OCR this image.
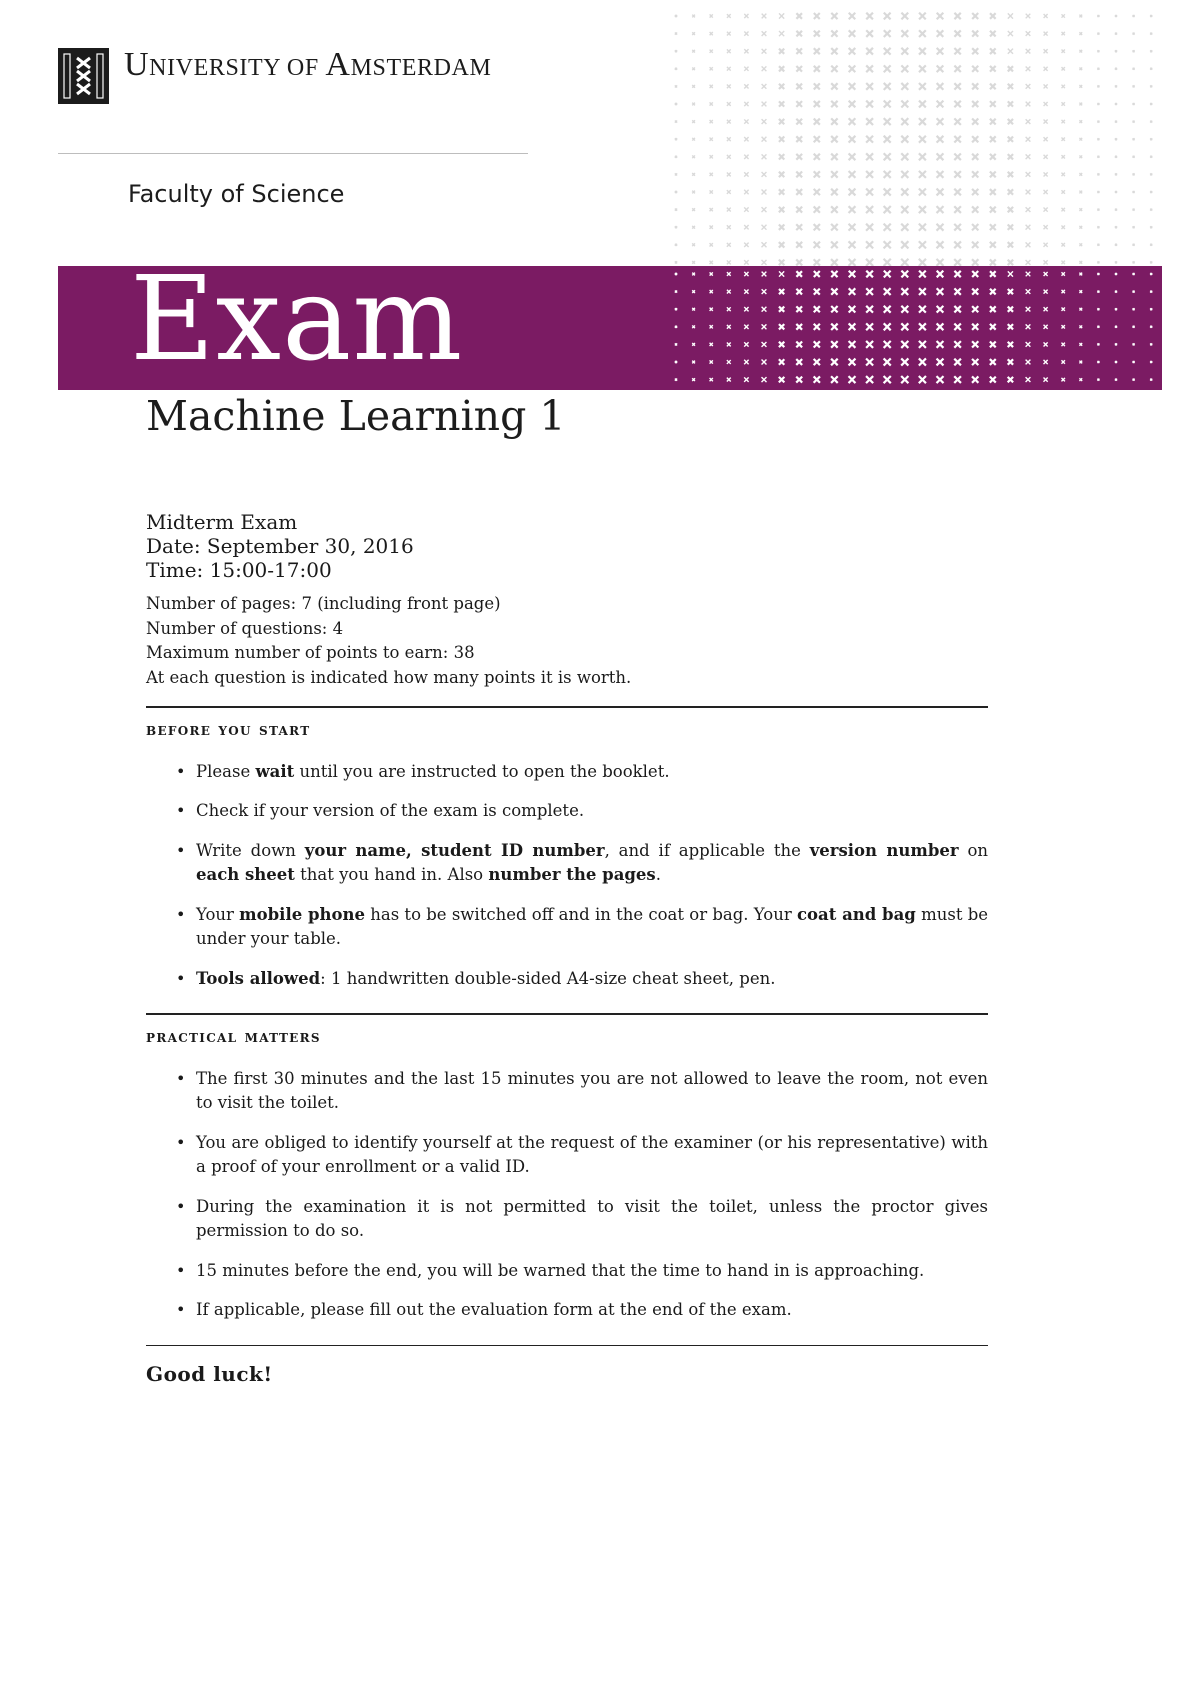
UNIVERSITY OF AMSTERDAM
Faculty of Science
Exam
Machine Learning 1
Midterm Exam
Date: September 30, 2016
Time: 15:00-17:00
Number of pages: 7 (including front page)
Number of questions: 4
Maximum number of points to earn: 38
At each question is indicated how many points it is worth.
before you start
• Please wait until you are instructed to open the booklet.
• Check if your version of the exam is complete.
• Write down your name, student ID number, and if applicable the version number on each sheet that you hand in. Also number the pages.
• Your mobile phone has to be switched off and in the coat or bag. Your coat and bag must be under your table.
• Tools allowed: 1 handwritten double-sided A4-size cheat sheet, pen.
practical matters
• The first 30 minutes and the last 15 minutes you are not allowed to leave the room, not even to visit the toilet.
• You are obliged to identify yourself at the request of the examiner (or his representative) with a proof of your enrollment or a valid ID.
• During the examination it is not permitted to visit the toilet, unless the proctor gives permission to do so.
• 15 minutes before the end, you will be warned that the time to hand in is approaching.
• If applicable, please fill out the evaluation form at the end of the exam.
Good luck!
